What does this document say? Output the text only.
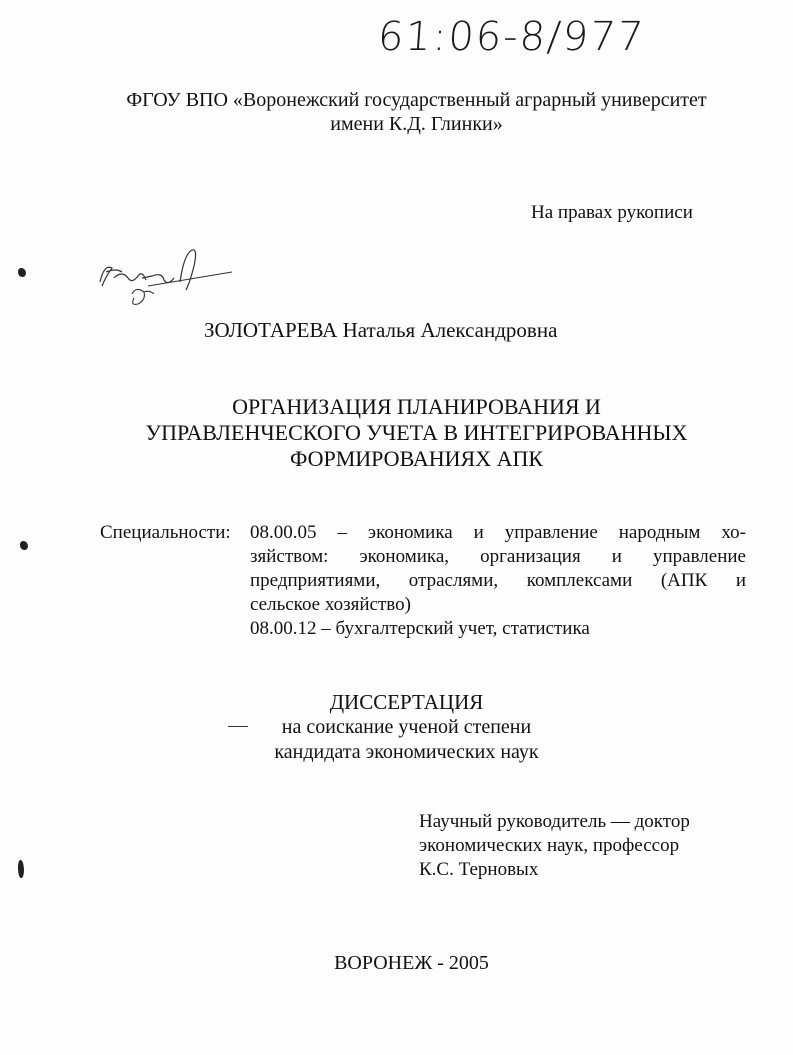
61:06-8/977
ФГОУ ВПО «Воронежский государственный аграрный университет
имени К.Д. Глинки»
На правах рукописи
ЗОЛОТАРЕВА Наталья Александровна
ОРГАНИЗАЦИЯ ПЛАНИРОВАНИЯ И
УПРАВЛЕНЧЕСКОГО УЧЕТА В ИНТЕГРИРОВАННЫХ
ФОРМИРОВАНИЯХ АПК
Специальности: 08.00.05 – экономика и управление народным хо-
зяйством: экономика, организация и управление
предприятиями, отраслями, комплексами (АПК и
сельское хозяйство)
08.00.12 – бухгалтерский учет, статистика
ДИССЕРТАЦИЯ
на соискание ученой степени
кандидата экономических наук
Научный руководитель — доктор
экономических наук, профессор
К.С. Терновых
ВОРОНЕЖ - 2005
